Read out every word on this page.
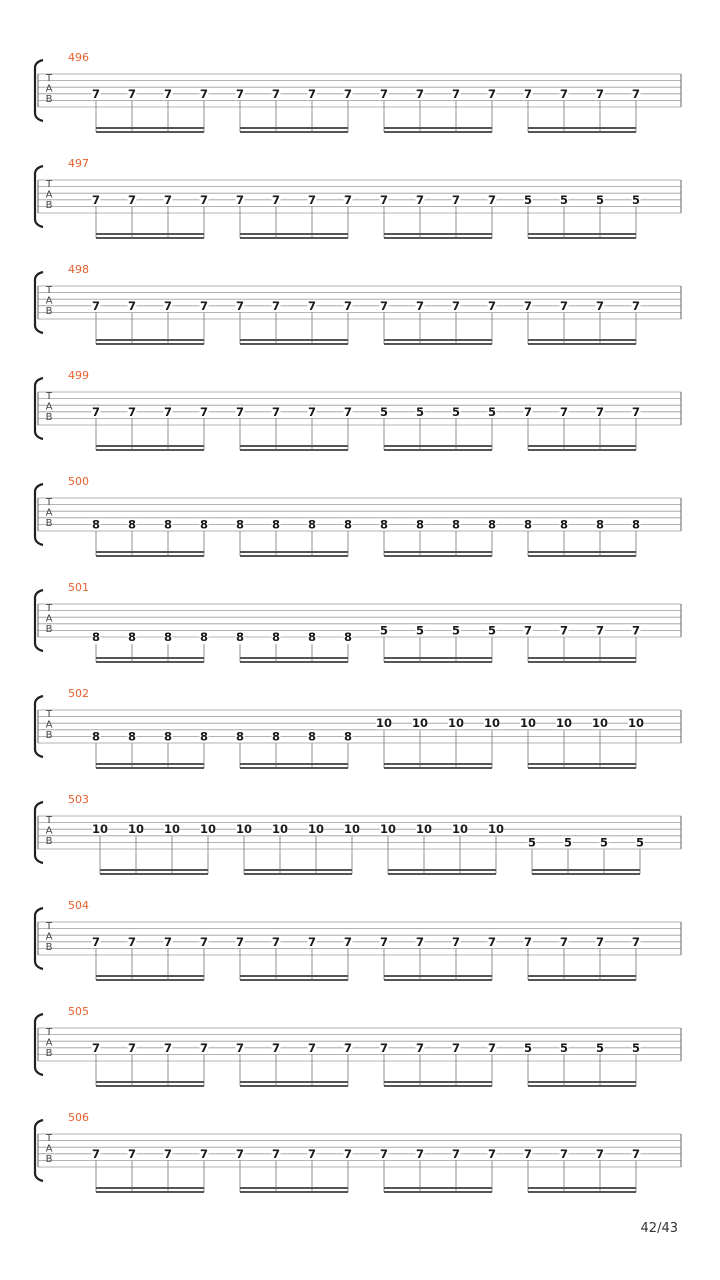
T
A
B
496
7 7 7 7 7 7 7 7 7 7 7 7 7 7 7 7
T
A
B
497
7 7 7 7 7 7 7 7 7 7 7 7 5 5 5 5
T
A
B
498
7 7 7 7 7 7 7 7 7 7 7 7 7 7 7 7
T
A
B
499
7 7 7 7 7 7 7 7 5 5 5 5 7 7 7 7
T
A
B
500
8 8 8 8 8 8 8 8 8 8 8 8 8 8 8 8
T
A
B
501
8 8 8 8 8 8 8 8 5 5 5 5 7 7 7 7
T
A
B
502
8 8 8 8 8 8 8 8
10 10 10 10 10 10 10 10
T
A
B
503
10 10 10 10 10 10 10 10 10 10 10 10
5 5 5 5
T
A
B
504
7 7 7 7 7 7 7 7 7 7 7 7 7 7 7 7
T
A
B
505
7 7 7 7 7 7 7 7 7 7 7 7 5 5 5 5
T
A
B
506
7 7 7 7 7 7 7 7 7 7 7 7 7 7 7 7
42/43
